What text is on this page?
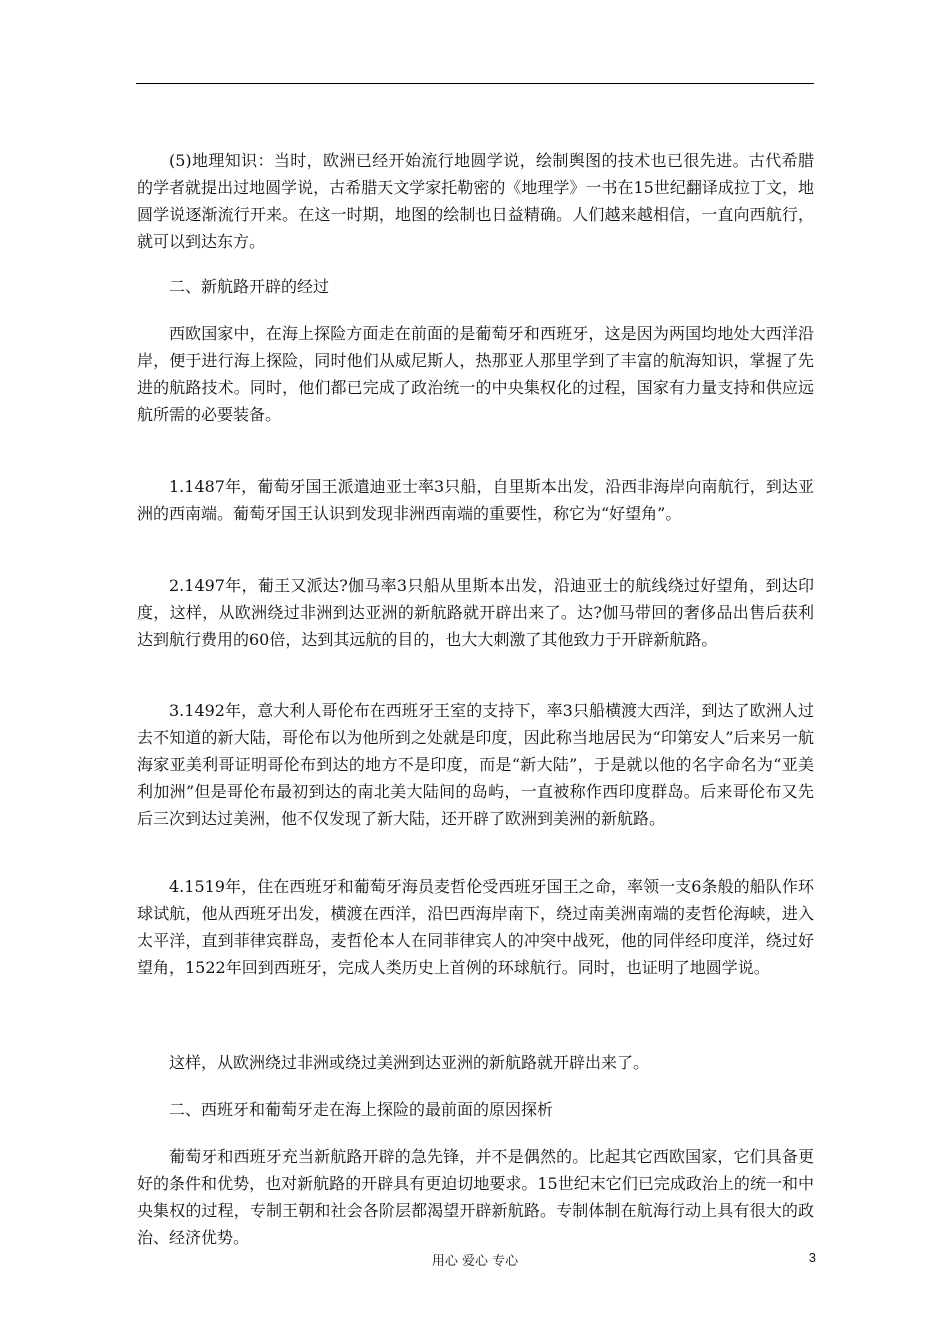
(5)地理知识：当时，欧洲已经开始流行地圆学说，绘制舆图的技术也已很先进。古代希腊的学者就提出过地圆学说，古希腊天文学家托勒密的《地理学》一书在15世纪翻译成拉丁文，地圆学说逐渐流行开来。在这一时期，地图的绘制也日益精确。人们越来越相信，一直向西航行，就可以到达东方。

二、新航路开辟的经过

西欧国家中，在海上探险方面走在前面的是葡萄牙和西班牙，这是因为两国均地处大西洋沿岸，便于进行海上探险，同时他们从威尼斯人，热那亚人那里学到了丰富的航海知识，掌握了先进的航路技术。同时，他们都已完成了政治统一的中央集权化的过程，国家有力量支持和供应远航所需的必要装备。

1.1487年，葡萄牙国王派遣迪亚士率3只船，自里斯本出发，沿西非海岸向南航行，到达亚洲的西南端。葡萄牙国王认识到发现非洲西南端的重要性，称它为“好望角”。

2.1497年，葡王又派达?伽马率3只船从里斯本出发，沿迪亚士的航线绕过好望角，到达印度，这样，从欧洲绕过非洲到达亚洲的新航路就开辟出来了。达?伽马带回的奢侈品出售后获利达到航行费用的60倍，达到其远航的目的，也大大刺激了其他致力于开辟新航路。

3.1492年，意大利人哥伦布在西班牙王室的支持下，率3只船横渡大西洋，到达了欧洲人过去不知道的新大陆，哥伦布以为他所到之处就是印度，因此称当地居民为“印第安人”后来另一航海家亚美利哥证明哥伦布到达的地方不是印度，而是“新大陆”，于是就以他的名字命名为“亚美利加洲”但是哥伦布最初到达的南北美大陆间的岛屿，一直被称作西印度群岛。后来哥伦布又先后三次到达过美洲，他不仅发现了新大陆，还开辟了欧洲到美洲的新航路。

4.1519年，住在西班牙和葡萄牙海员麦哲伦受西班牙国王之命，率领一支6条般的船队作环球试航，他从西班牙出发，横渡在西洋，沿巴西海岸南下，绕过南美洲南端的麦哲伦海峡，进入太平洋，直到菲律宾群岛，麦哲伦本人在同菲律宾人的冲突中战死，他的同伴经印度洋，绕过好望角，1522年回到西班牙，完成人类历史上首例的环球航行。同时，也证明了地圆学说。

这样，从欧洲绕过非洲或绕过美洲到达亚洲的新航路就开辟出来了。

二、西班牙和葡萄牙走在海上探险的最前面的原因探析

葡萄牙和西班牙充当新航路开辟的急先锋，并不是偶然的。比起其它西欧国家，它们具备更好的条件和优势，也对新航路的开辟具有更迫切地要求。15世纪末它们已完成政治上的统一和中央集权的过程，专制王朝和社会各阶层都渴望开辟新航路。专制体制在航海行动上具有很大的政治、经济优势。

用心 爱心 专心	3
